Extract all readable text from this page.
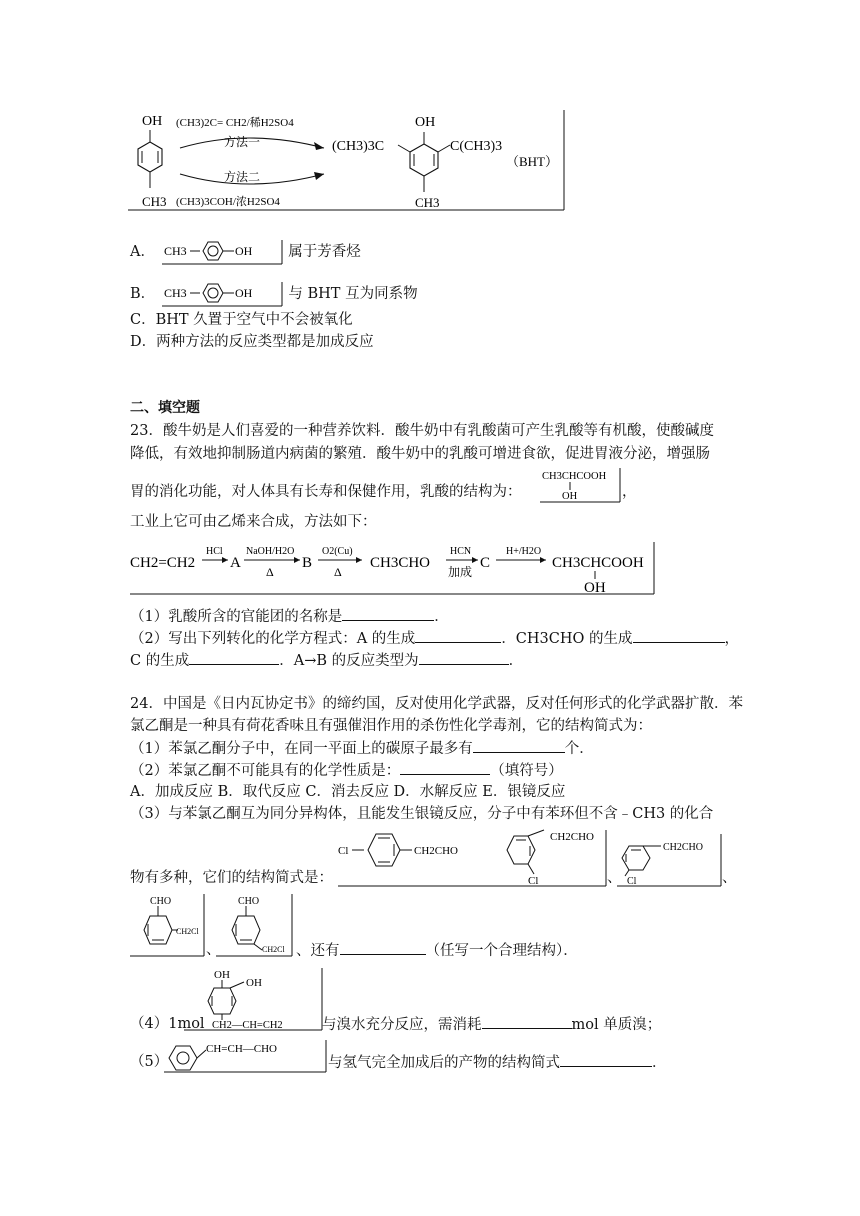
OH
CH3
(CH3)2C= CH2/稀H2SO4
方法一
方法二
(CH3)3COH/浓H2SO4
OH
(CH3)3C	C(CH3)3
CH3
（BHT）
A． CH3	OH	属于芳香烃
B． CH3	OH	与 BHT 互为同系物
C．BHT 久置于空气中不会被氧化
D．两种方法的反应类型都是加成反应
二、填空题
23．酸牛奶是人们喜爱的一种营养饮料．酸牛奶中有乳酸菌可产生乳酸等有机酸，使酸碱度
降低，有效地抑制肠道内病菌的繁殖．酸牛奶中的乳酸可增进食欲，促进胃液分泌，增强肠
胃的消化功能，对人体具有长寿和保健作用，乳酸的结构为：
CH3CHCOOH
OH	，
工业上它可由乙烯来合成，方法如下：
CH2=CH2
HCl
A
NaOH/H2O
Δ
B
O2(Cu)
Δ
CH3CHO
HCN
加成
C
H+/H2O
CH3CHCOOH
OH
（1）乳酸所含的官能团的名称是	．
（2）写出下列转化的化学方程式：A 的生成	．CH3CHO 的生成	，
C 的生成	．A→B 的反应类型为	．
24．中国是《日内瓦协定书》的缔约国，反对使用化学武器，反对任何形式的化学武器扩散．苯
氯乙酮是一种具有荷花香味且有强催泪作用的杀伤性化学毒剂，它的结构简式为：
（1）苯氯乙酮分子中，在同一平面上的碳原子最多有	个．
（2）苯氯乙酮不可能具有的化学性质是：	（填符号）
A．加成反应 B．取代反应 C．消去反应 D．水解反应 E．银镜反应
（3）与苯氯乙酮互为同分异构体，且能发生银镜反应，分子中有苯环但不含﹣CH3 的化合
Cl	CH2CHO
CH2CHO
Cl	、
CH2CHO
Cl	、
物有多种，它们的结构简式是：
CHO
CH2Cl
、
CHO
CH2Cl 、还有	（任写一个合理结构）．
OH
OH
CH2—CH=CH2
（4）1mol	与溴水充分反应，需消耗	mol 单质溴；
（5）
CH=CH—CHO
与氢气完全加成后的产物的结构简式	．
